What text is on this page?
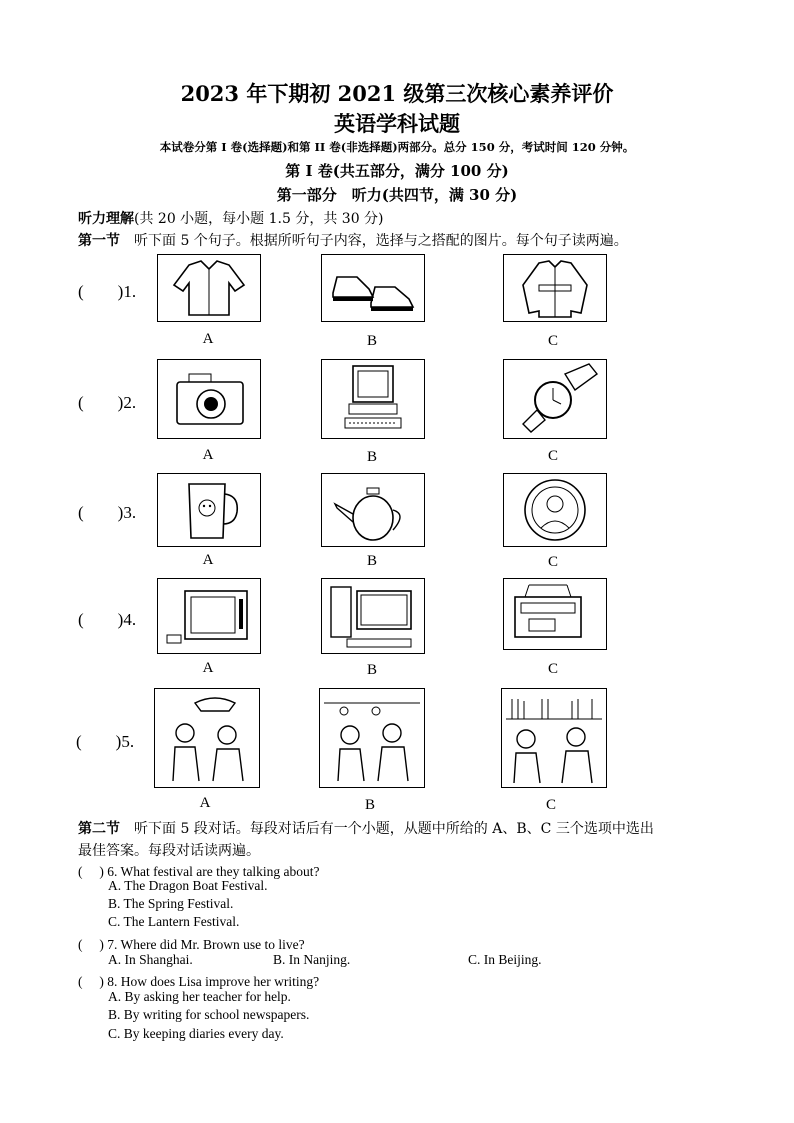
2023 年下期初 2021 级第三次核心素养评价
英语学科试题
本试卷分第 I 卷(选择题)和第 II 卷(非选择题)两部分。总分 150 分，考试时间 120 分钟。
第 I 卷(共五部分，满分 100 分)
第一部分　听力(共四节，满 30 分)
听力理解(共 20 小题，每小题 1.5 分，共 30 分)
第一节　听下面 5 个句子。根据所听句子内容，选择与之搭配的图片。每个句子读两遍。
(　　)1.
A	B	C
(　　)2.
A	B	C
(　　)3.
A	B	C
(　　)4.
A	B	C
(　　)5.
A	B	C
第二节　听下面 5 段对话。每段对话后有一个小题，从题中所给的 A、B、C 三个选项中选出
最佳答案。每段对话读两遍。
(　 ) 6. What festival are they talking about?
A. The Dragon Boat Festival.
B. The Spring Festival.
C. The Lantern Festival.
(　 ) 7. Where did Mr. Brown use to live?
A. In Shanghai.	B. In Nanjing.	C. In Beijing.
(　 ) 8. How does Lisa improve her writing?
A. By asking her teacher for help.
B. By writing for school newspapers.
C. By keeping diaries every day.
